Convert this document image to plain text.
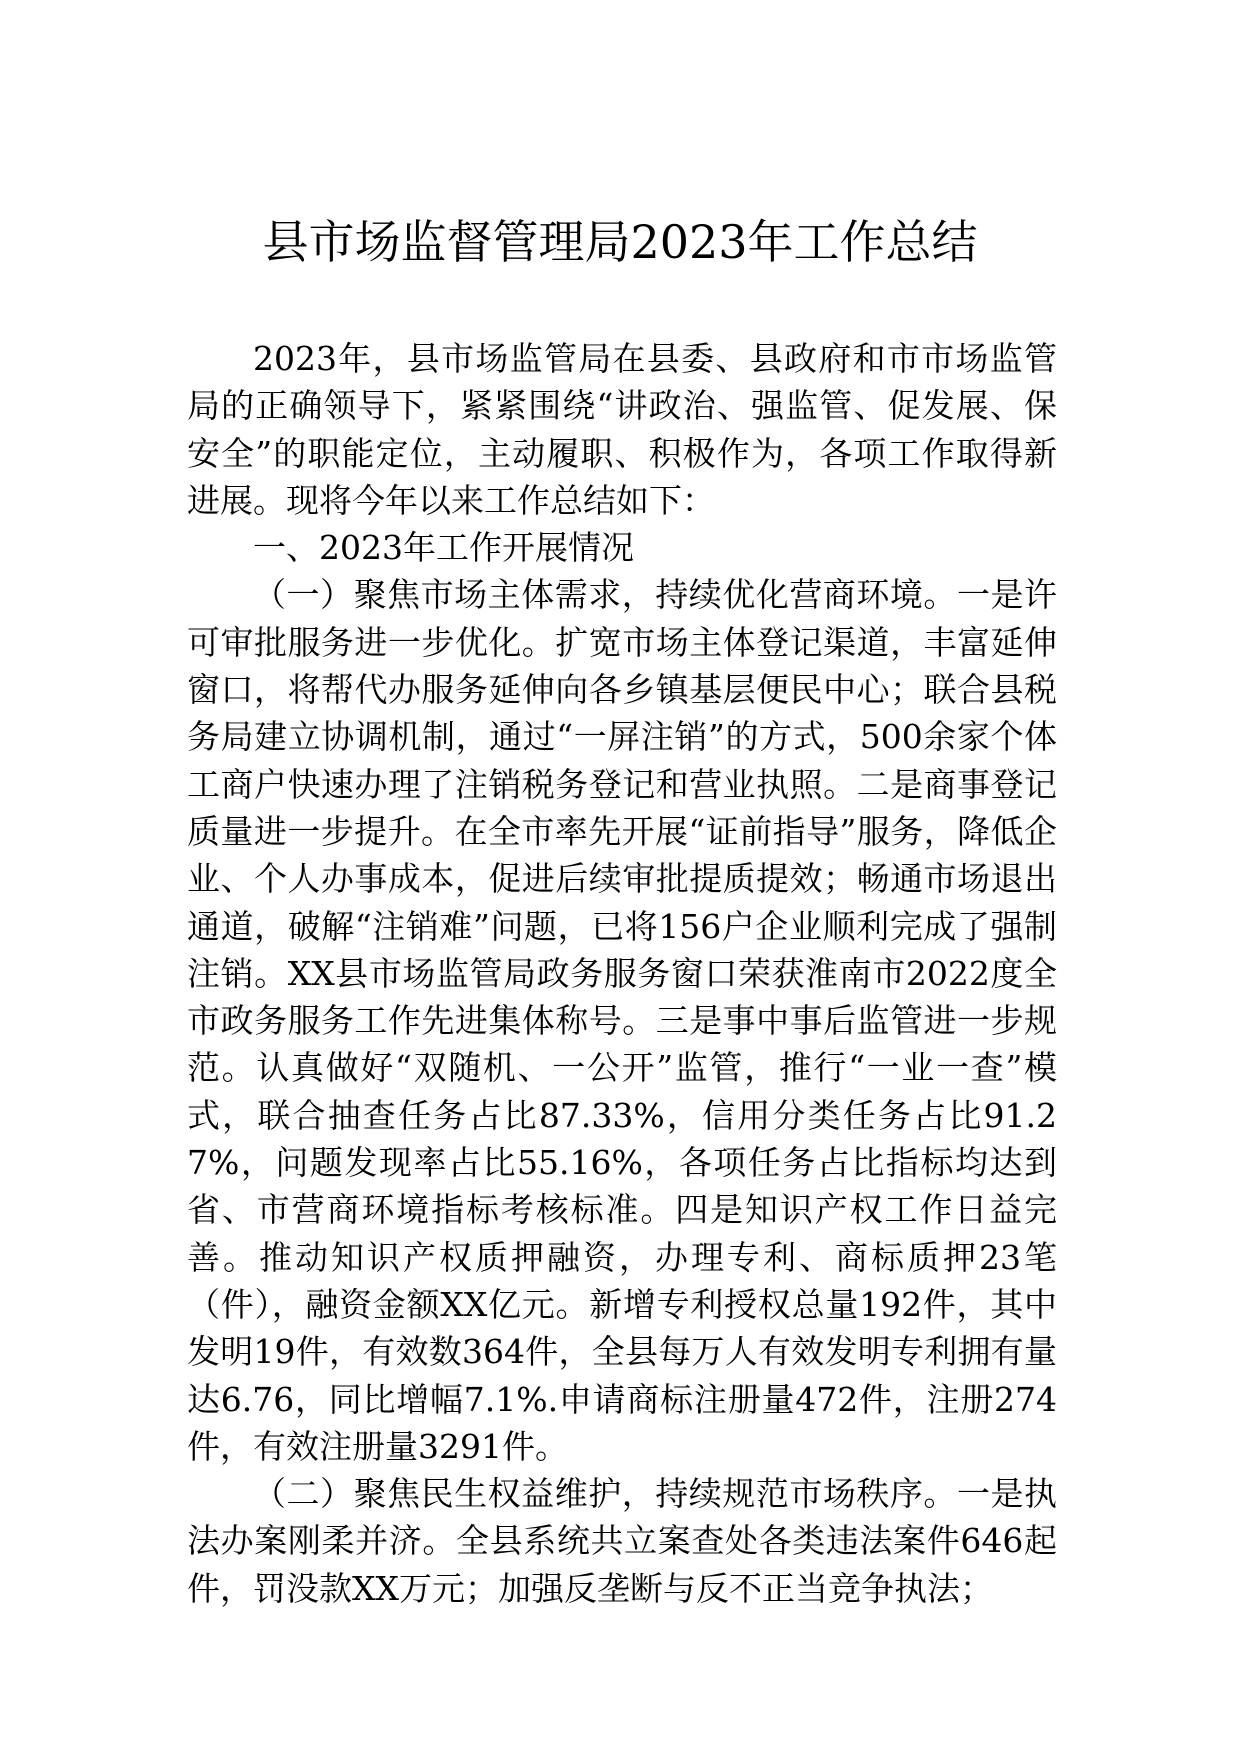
县市场监督管理局2023年工作总结

2023年，县市场监管局在县委、县政府和市市场监管局的正确领导下，紧紧围绕“讲政治、强监管、促发展、保安全”的职能定位，主动履职、积极作为，各项工作取得新进展。现将今年以来工作总结如下：

一、2023年工作开展情况

（一）聚焦市场主体需求，持续优化营商环境。一是许可审批服务进一步优化。扩宽市场主体登记渠道，丰富延伸窗口，将帮代办服务延伸向各乡镇基层便民中心；联合县税务局建立协调机制，通过“一屏注销”的方式，500余家个体工商户快速办理了注销税务登记和营业执照。二是商事登记质量进一步提升。在全市率先开展“证前指导”服务，降低企业、个人办事成本，促进后续审批提质提效；畅通市场退出通道，破解“注销难”问题，已将156户企业顺利完成了强制注销。XX县市场监管局政务服务窗口荣获淮南市2022度全市政务服务工作先进集体称号。三是事中事后监管进一步规范。认真做好“双随机、一公开”监管，推行“一业一查”模式，联合抽查任务占比87.33%，信用分类任务占比91.27%，问题发现率占比55.16%，各项任务占比指标均达到省、市营商环境指标考核标准。四是知识产权工作日益完善。推动知识产权质押融资，办理专利、商标质押23笔（件），融资金额XX亿元。新增专利授权总量192件，其中发明19件，有效数364件，全县每万人有效发明专利拥有量达6.76，同比增幅7.1%.申请商标注册量472件，注册274件，有效注册量3291件。

（二）聚焦民生权益维护，持续规范市场秩序。一是执法办案刚柔并济。全县系统共立案查处各类违法案件646起件，罚没款XX万元；加强反垄断与反不正当竞争执法；
